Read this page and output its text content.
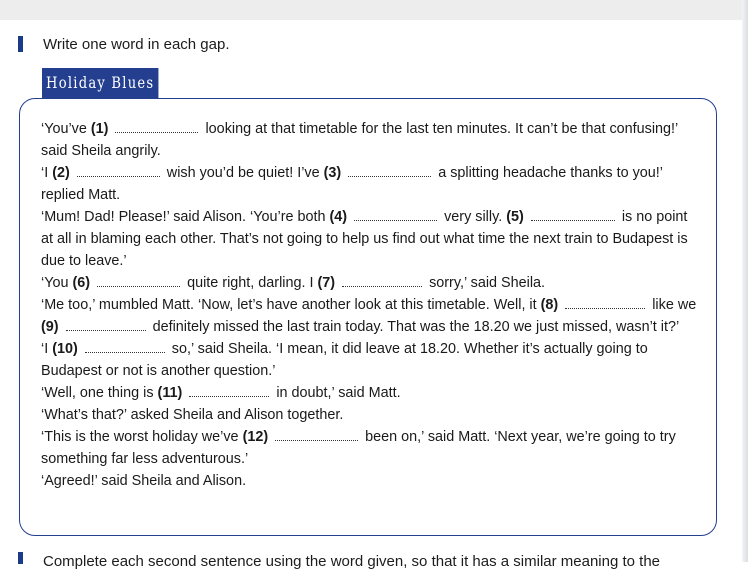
Write one word in each gap.
Holiday Blues

‘You’ve (1)	looking at that timetable for the last ten minutes. It can’t be that confusing!’ said Sheila angrily.

‘I (2)	wish you’d be quiet! I’ve (3)	a splitting headache thanks to you!’ replied Matt.

‘Mum! Dad! Please!’ said Alison. ‘You’re both (4)	very silly. (5)	is no point at all in blaming each other. That’s not going to help us find out what time the next train to Budapest is due to leave.’

‘You (6)	quite right, darling. I (7)	sorry,’ said Sheila.

‘Me too,’ mumbled Matt. ‘Now, let’s have another look at this timetable. Well, it (8)	like we (9)	definitely missed the last train today. That was the 18.20 we just missed, wasn’t it?’

‘I (10)	so,’ said Sheila. ‘I mean, it did leave at 18.20. Whether it’s actually going to Budapest or not is another question.’

‘Well, one thing is (11)	in doubt,’ said Matt.

‘What’s that?’ asked Sheila and Alison together.

‘This is the worst holiday we’ve (12)	been on,’ said Matt. ‘Next year, we’re going to try something far less adventurous.’

‘Agreed!’ said Sheila and Alison.

Complete each second sentence using the word given, so that it has a similar meaning to the
